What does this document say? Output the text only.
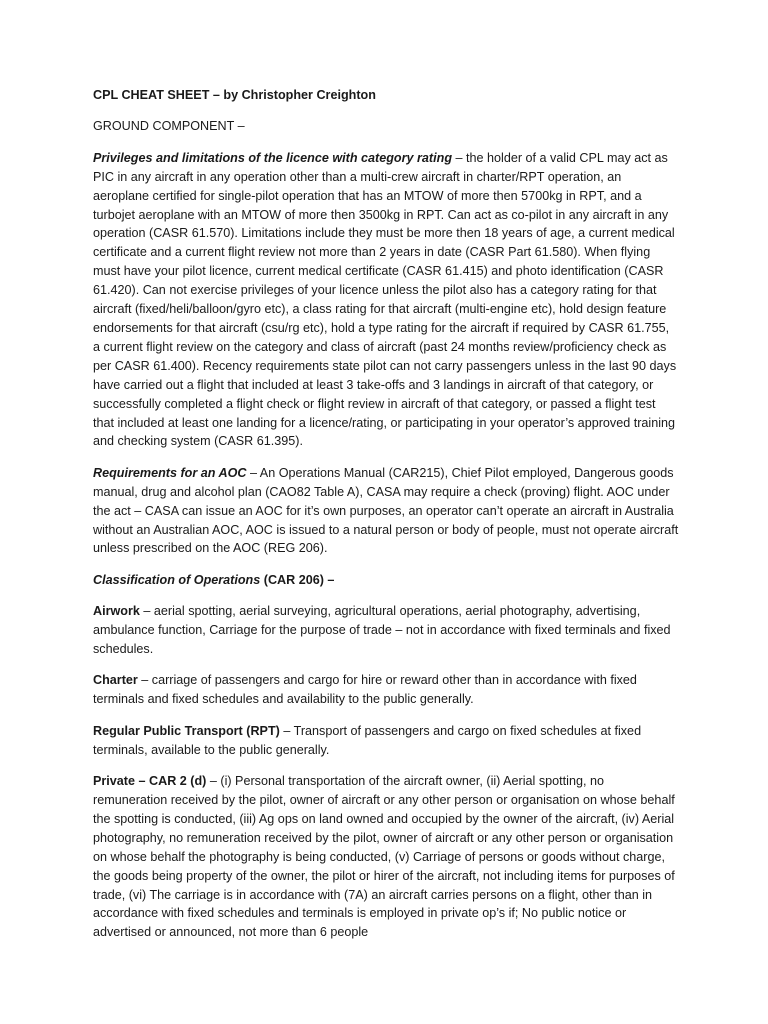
CPL CHEAT SHEET – by Christopher Creighton

GROUND COMPONENT –

Privileges and limitations of the licence with category rating – the holder of a valid CPL may act as PIC in any aircraft in any operation other than a multi-crew aircraft in charter/RPT operation, an aeroplane certified for single-pilot operation that has an MTOW of more then 5700kg in RPT, and a turbojet aeroplane with an MTOW of more then 3500kg in RPT. Can act as co-pilot in any aircraft in any operation (CASR 61.570). Limitations include they must be more then 18 years of age, a current medical certificate and a current flight review not more than 2 years in date (CASR Part 61.580). When flying must have your pilot licence, current medical certificate (CASR 61.415) and photo identification (CASR 61.420). Can not exercise privileges of your licence unless the pilot also has a category rating for that aircraft (fixed/heli/balloon/gyro etc), a class rating for that aircraft (multi-engine etc), hold design feature endorsements for that aircraft (csu/rg etc), hold a type rating for the aircraft if required by CASR 61.755, a current flight review on the category and class of aircraft (past 24 months review/proficiency check as per CASR 61.400). Recency requirements state pilot can not carry passengers unless in the last 90 days have carried out a flight that included at least 3 take-offs and 3 landings in aircraft of that category, or successfully completed a flight check or flight review in aircraft of that category, or passed a flight test that included at least one landing for a licence/rating, or participating in your operator’s approved training and checking system (CASR 61.395).

Requirements for an AOC – An Operations Manual (CAR215), Chief Pilot employed, Dangerous goods manual, drug and alcohol plan (CAO82 Table A), CASA may require a check (proving) flight. AOC under the act – CASA can issue an AOC for it’s own purposes, an operator can’t operate an aircraft in Australia without an Australian AOC, AOC is issued to a natural person or body of people, must not operate aircraft unless prescribed on the AOC (REG 206).

Classification of Operations (CAR 206) –

Airwork – aerial spotting, aerial surveying, agricultural operations, aerial photography, advertising, ambulance function, Carriage for the purpose of trade – not in accordance with fixed terminals and fixed schedules.

Charter – carriage of passengers and cargo for hire or reward other than in accordance with fixed terminals and fixed schedules and availability to the public generally.

Regular Public Transport (RPT) – Transport of passengers and cargo on fixed schedules at fixed terminals, available to the public generally.

Private – CAR 2 (d) – (i) Personal transportation of the aircraft owner, (ii) Aerial spotting, no remuneration received by the pilot, owner of aircraft or any other person or organisation on whose behalf the spotting is conducted, (iii) Ag ops on land owned and occupied by the owner of the aircraft, (iv) Aerial photography, no remuneration received by the pilot, owner of aircraft or any other person or organisation on whose behalf the photography is being conducted, (v) Carriage of persons or goods without charge, the goods being property of the owner, the pilot or hirer of the aircraft, not including items for purposes of trade, (vi) The carriage is in accordance with (7A) an aircraft carries persons on a flight, other than in accordance with fixed schedules and terminals is employed in private op’s if; No public notice or advertised or announced, not more than 6 people
